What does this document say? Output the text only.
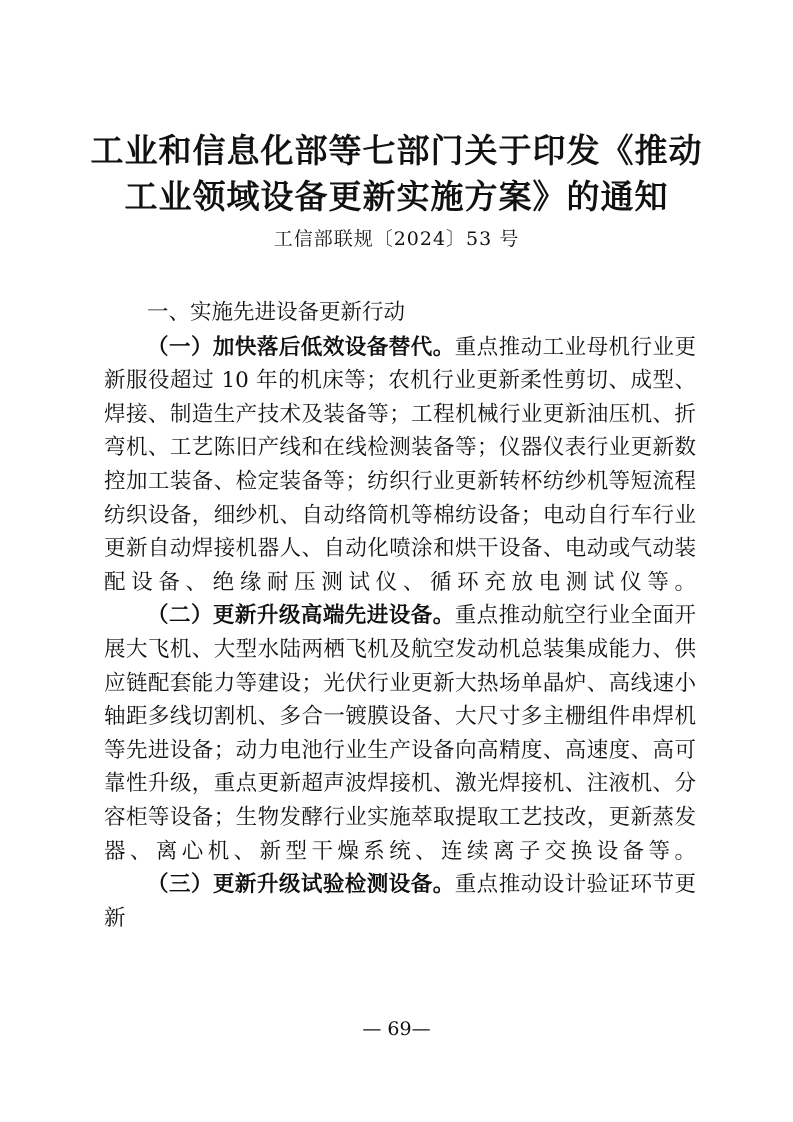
工业和信息化部等七部门关于印发《推动工业领域设备更新实施方案》的通知
工信部联规〔2024〕53 号
一、实施先进设备更新行动

（一）加快落后低效设备替代。重点推动工业母机行业更新服役超过 10 年的机床等；农机行业更新柔性剪切、成型、焊接、制造生产技术及装备等；工程机械行业更新油压机、折弯机、工艺陈旧产线和在线检测装备等；仪器仪表行业更新数控加工装备、检定装备等；纺织行业更新转杯纺纱机等短流程纺织设备，细纱机、自动络筒机等棉纺设备；电动自行车行业更新自动焊接机器人、自动化喷涂和烘干设备、电动或气动装配设备、绝缘耐压测试仪、循环充放电测试仪等。

（二）更新升级高端先进设备。重点推动航空行业全面开展大飞机、大型水陆两栖飞机及航空发动机总装集成能力、供应链配套能力等建设；光伏行业更新大热场单晶炉、高线速小轴距多线切割机、多合一镀膜设备、大尺寸多主栅组件串焊机等先进设备；动力电池行业生产设备向高精度、高速度、高可靠性升级，重点更新超声波焊接机、激光焊接机、注液机、分容柜等设备；生物发酵行业实施萃取提取工艺技改，更新蒸发器、离心机、新型干燥系统、连续离子交换设备等。

（三）更新升级试验检测设备。重点推动设计验证环节更新

— 69—
